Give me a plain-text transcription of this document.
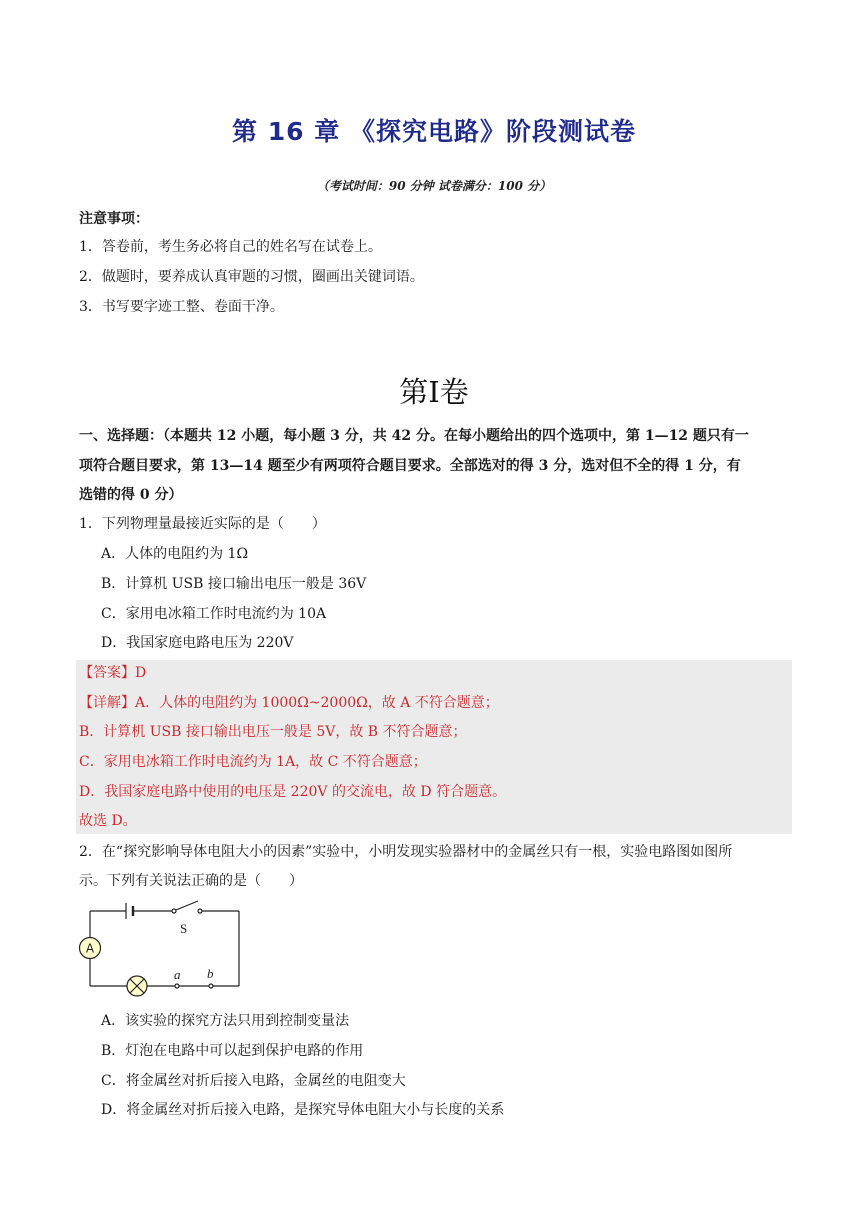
第 16 章 《探究电路》阶段测试卷
（考试时间：90 分钟 试卷满分：100 分）
注意事项：
1．答卷前，考生务必将自己的姓名写在试卷上。
2．做题时，要养成认真审题的习惯，圈画出关键词语。
3．书写要字迹工整、卷面干净。
第I卷
一、选择题：（本题共 12 小题，每小题 3 分，共 42 分。在每小题给出的四个选项中，第 1—12 题只有一
项符合题目要求，第 13—14 题至少有两项符合题目要求。全部选对的得 3 分，选对但不全的得 1 分，有
选错的得 0 分）
1．下列物理量最接近实际的是（　　）
A．人体的电阻约为 1Ω
B．计算机 USB 接口输出电压一般是 36V
C．家用电冰箱工作时电流约为 10A
D．我国家庭电路电压为 220V
【答案】D
【详解】A．人体的电阻约为 1000Ω~2000Ω，故 A 不符合题意；
B．计算机 USB 接口输出电压一般是 5V，故 B 不符合题意；
C．家用电冰箱工作时电流约为 1A，故 C 不符合题意；
D．我国家庭电路中使用的电压是 220V 的交流电，故 D 符合题意。
故选 D。
2．在“探究影响导体电阻大小的因素”实验中，小明发现实验器材中的金属丝只有一根，实验电路图如图所
示。下列有关说法正确的是（　　）
A
S
a b
A．该实验的探究方法只用到控制变量法
B．灯泡在电路中可以起到保护电路的作用
C．将金属丝对折后接入电路，金属丝的电阻变大
D．将金属丝对折后接入电路，是探究导体电阻大小与长度的关系
